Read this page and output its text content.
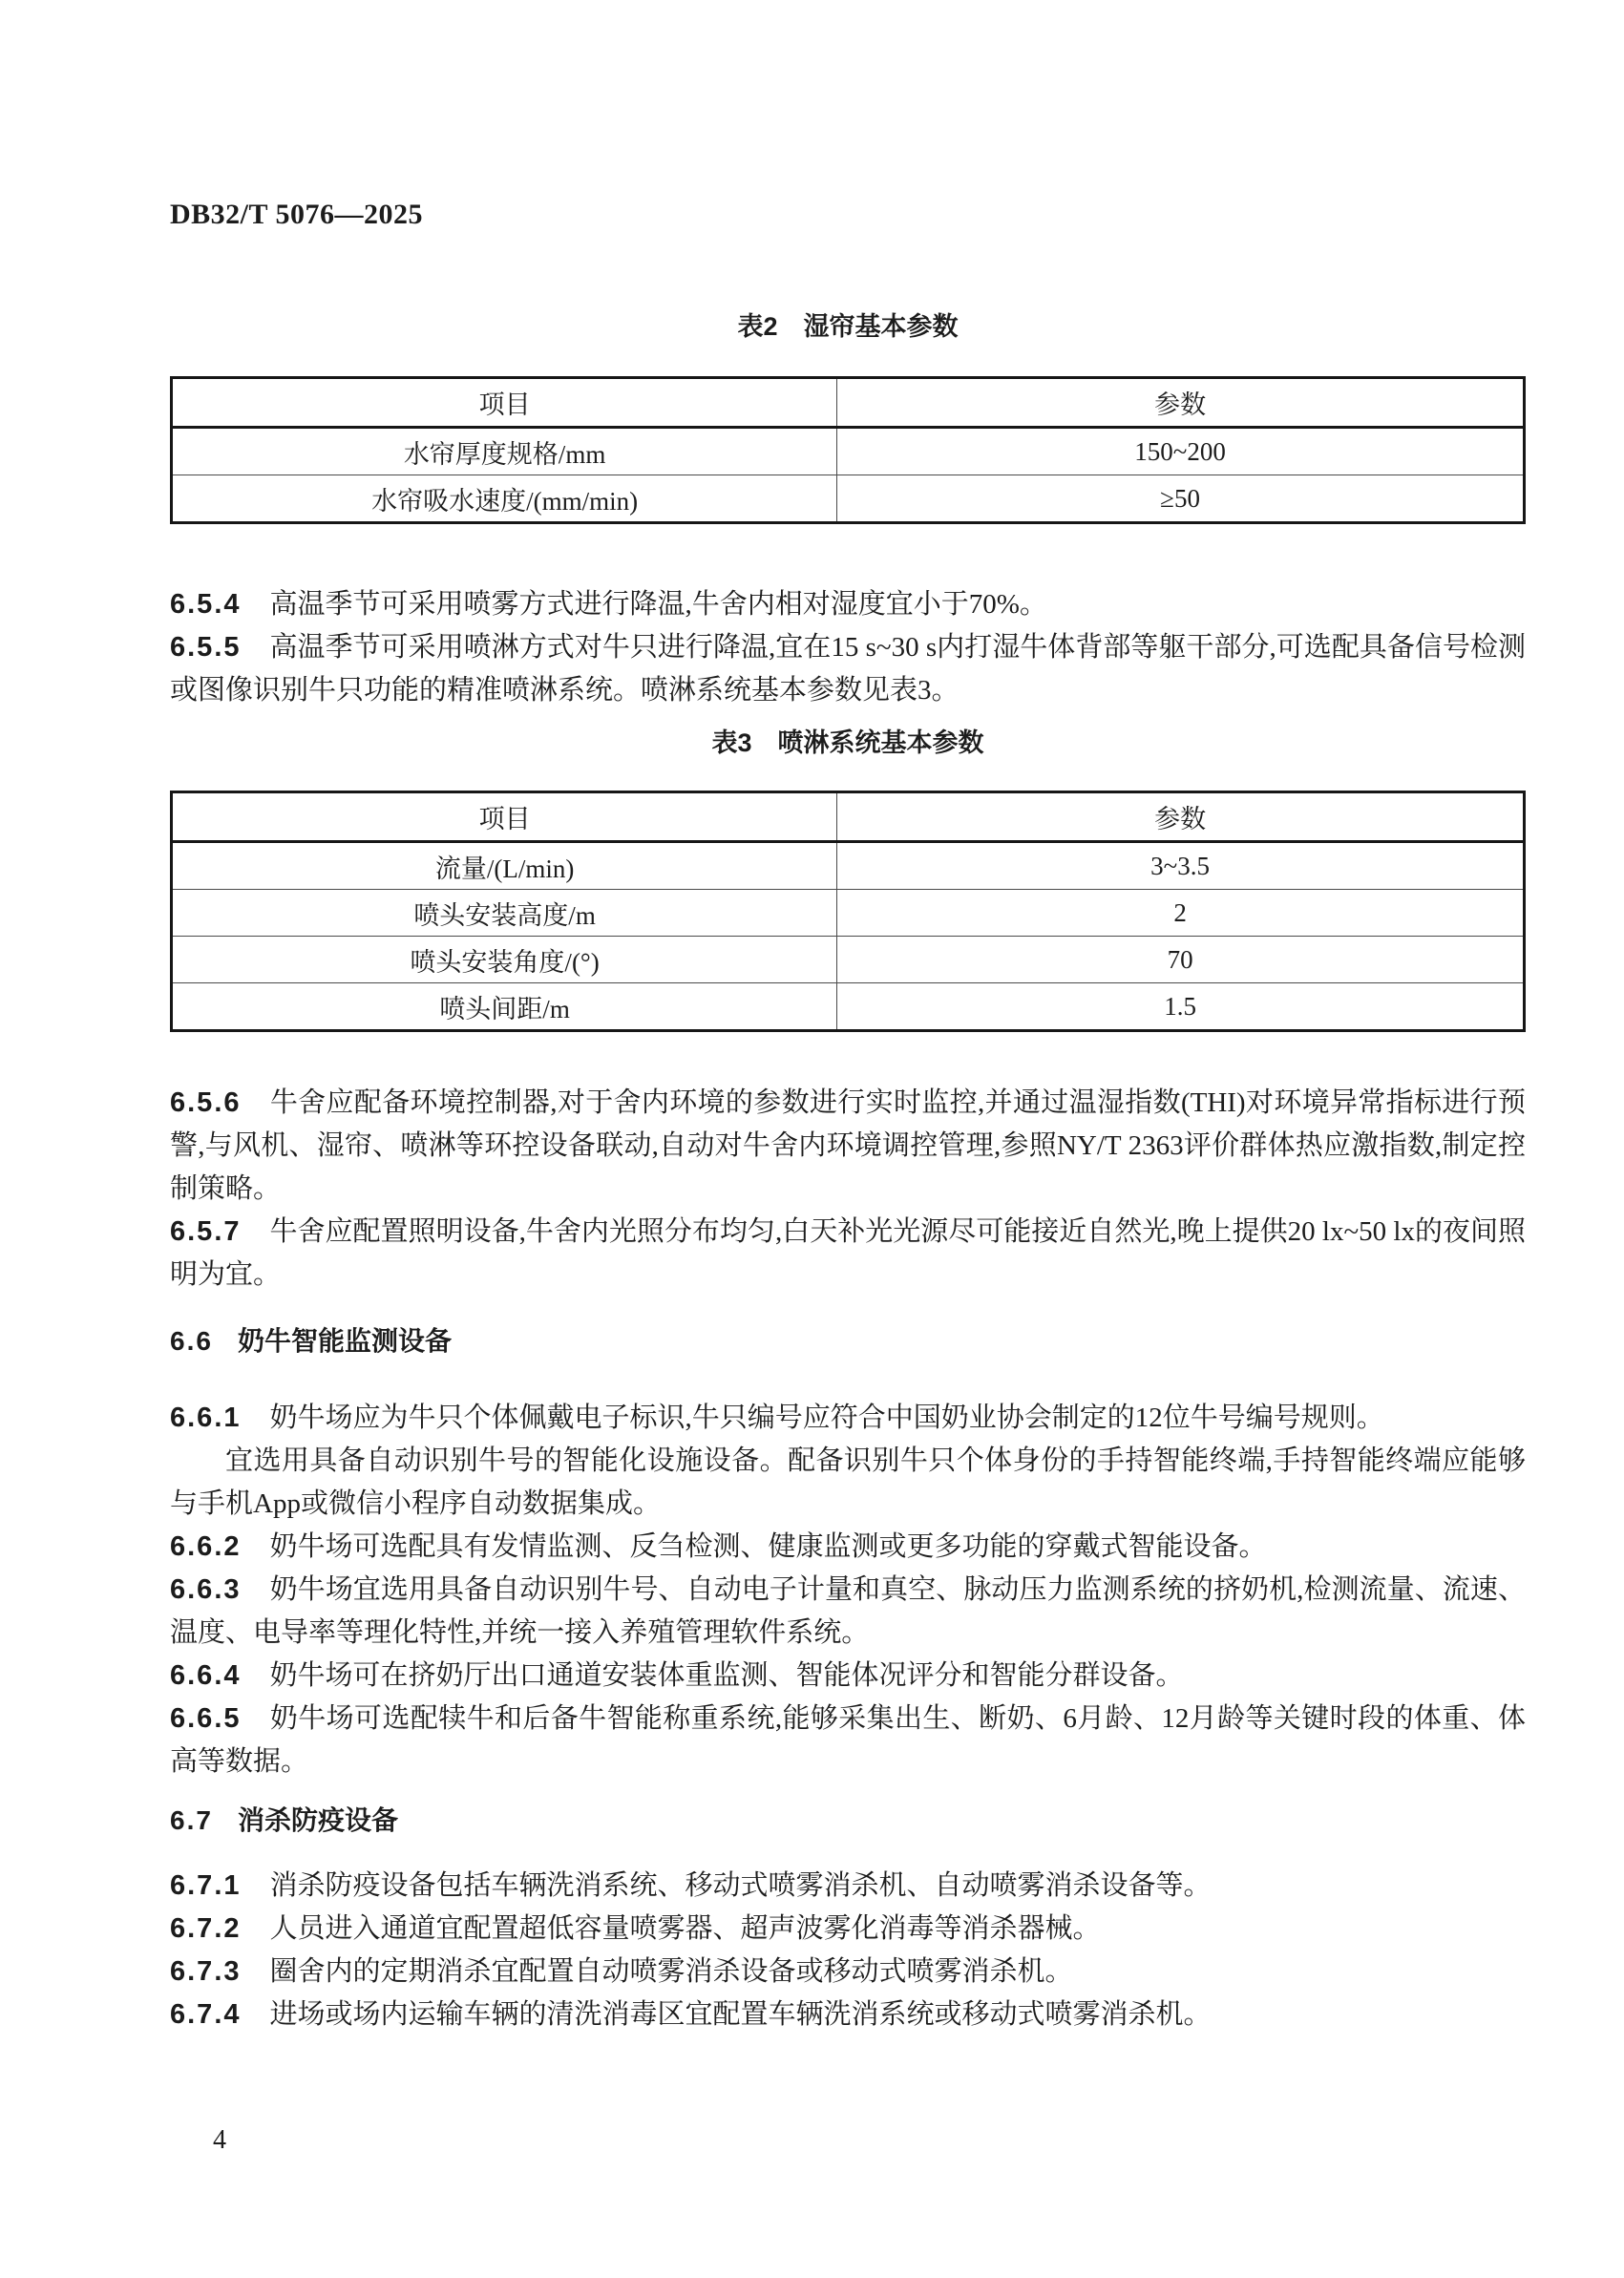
DB32/T 5076—2025
表2　湿帘基本参数
项目	参数
水帘厚度规格/mm	150~200
水帘吸水速度/(mm/min)	≥50

6.5.4 高温季节可采用喷雾方式进行降温,牛舍内相对湿度宜小于70%。

6.5.5 高温季节可采用喷淋方式对牛只进行降温,宜在15 s~30 s内打湿牛体背部等躯干部分,可选配具备信号检测或图像识别牛只功能的精准喷淋系统。喷淋系统基本参数见表3。

表3　喷淋系统基本参数
项目	参数
流量/(L/min)	3~3.5
喷头安装高度/m	2
喷头安装角度/(°)	70
喷头间距/m	1.5

6.5.6 牛舍应配备环境控制器,对于舍内环境的参数进行实时监控,并通过温湿指数(THI)对环境异常指标进行预警,与风机、湿帘、喷淋等环控设备联动,自动对牛舍内环境调控管理,参照NY/T 2363评价群体热应激指数,制定控制策略。

6.5.7 牛舍应配置照明设备,牛舍内光照分布均匀,白天补光光源尽可能接近自然光,晚上提供20 lx~50 lx的夜间照明为宜。

6.6 奶牛智能监测设备

6.6.1 奶牛场应为牛只个体佩戴电子标识,牛只编号应符合中国奶业协会制定的12位牛号编号规则。

宜选用具备自动识别牛号的智能化设施设备。配备识别牛只个体身份的手持智能终端,手持智能终端应能够与手机App或微信小程序自动数据集成。

6.6.2 奶牛场可选配具有发情监测、反刍检测、健康监测或更多功能的穿戴式智能设备。

6.6.3 奶牛场宜选用具备自动识别牛号、自动电子计量和真空、脉动压力监测系统的挤奶机,检测流量、流速、温度、电导率等理化特性,并统一接入养殖管理软件系统。

6.6.4 奶牛场可在挤奶厅出口通道安装体重监测、智能体况评分和智能分群设备。

6.6.5 奶牛场可选配犊牛和后备牛智能称重系统,能够采集出生、断奶、6月龄、12月龄等关键时段的体重、体高等数据。

6.7 消杀防疫设备

6.7.1 消杀防疫设备包括车辆洗消系统、移动式喷雾消杀机、自动喷雾消杀设备等。

6.7.2 人员进入通道宜配置超低容量喷雾器、超声波雾化消毒等消杀器械。

6.7.3 圈舍内的定期消杀宜配置自动喷雾消杀设备或移动式喷雾消杀机。

6.7.4 进场或场内运输车辆的清洗消毒区宜配置车辆洗消系统或移动式喷雾消杀机。

4
